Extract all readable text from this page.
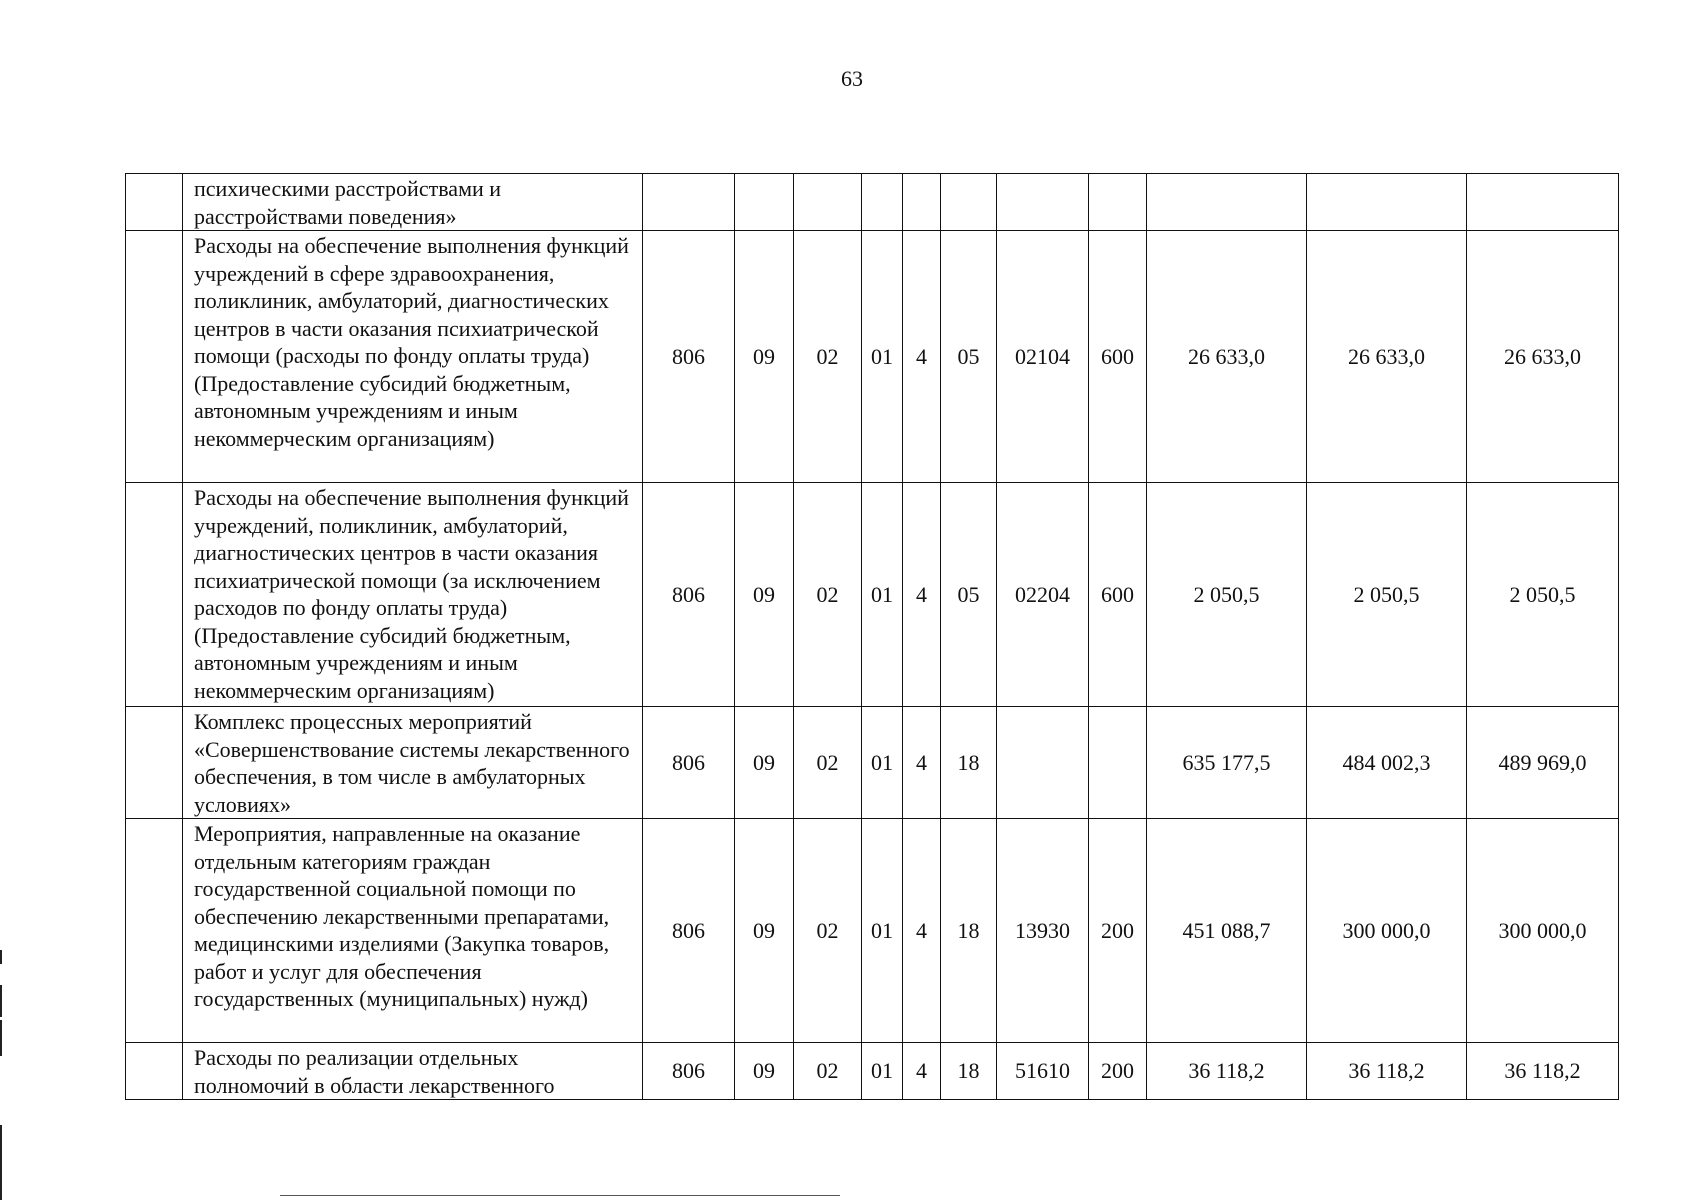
63
	психическими расстройствами и расстройствами поведения»											
	Расходы на обеспечение выполнения функций учреждений в сфере здравоохранения, поликлиник, амбулаторий, диагностических центров в части оказания психиатрической помощи (расходы по фонду оплаты труда) (Предоставление субсидий бюджетным, автономным учреждениям и иным некоммерческим организациям)	806	09	02	01	4	05	02104	600	26 633,0	26 633,0	26 633,0
	Расходы на обеспечение выполнения функций учреждений, поликлиник, амбулаторий, диагностических центров в части оказания психиатрической помощи (за исключением расходов по фонду оплаты труда) (Предоставление субсидий бюджетным, автономным учреждениям и иным некоммерческим организациям)	806	09	02	01	4	05	02204	600	2 050,5	2 050,5	2 050,5
	Комплекс процессных мероприятий «Совершенствование системы лекарственного обеспечения, в том числе в амбулаторных условиях»	806	09	02	01	4	18			635 177,5	484 002,3	489 969,0
	Мероприятия, направленные на оказание отдельным категориям граждан государственной социальной помощи по обеспечению лекарственными препаратами, медицинскими изделиями (Закупка товаров, работ и услуг для обеспечения государственных (муниципальных) нужд)	806	09	02	01	4	18	13930	200	451 088,7	300 000,0	300 000,0
	Расходы по реализации отдельных полномочий в области лекарственного	806	09	02	01	4	18	51610	200	36 118,2	36 118,2	36 118,2
